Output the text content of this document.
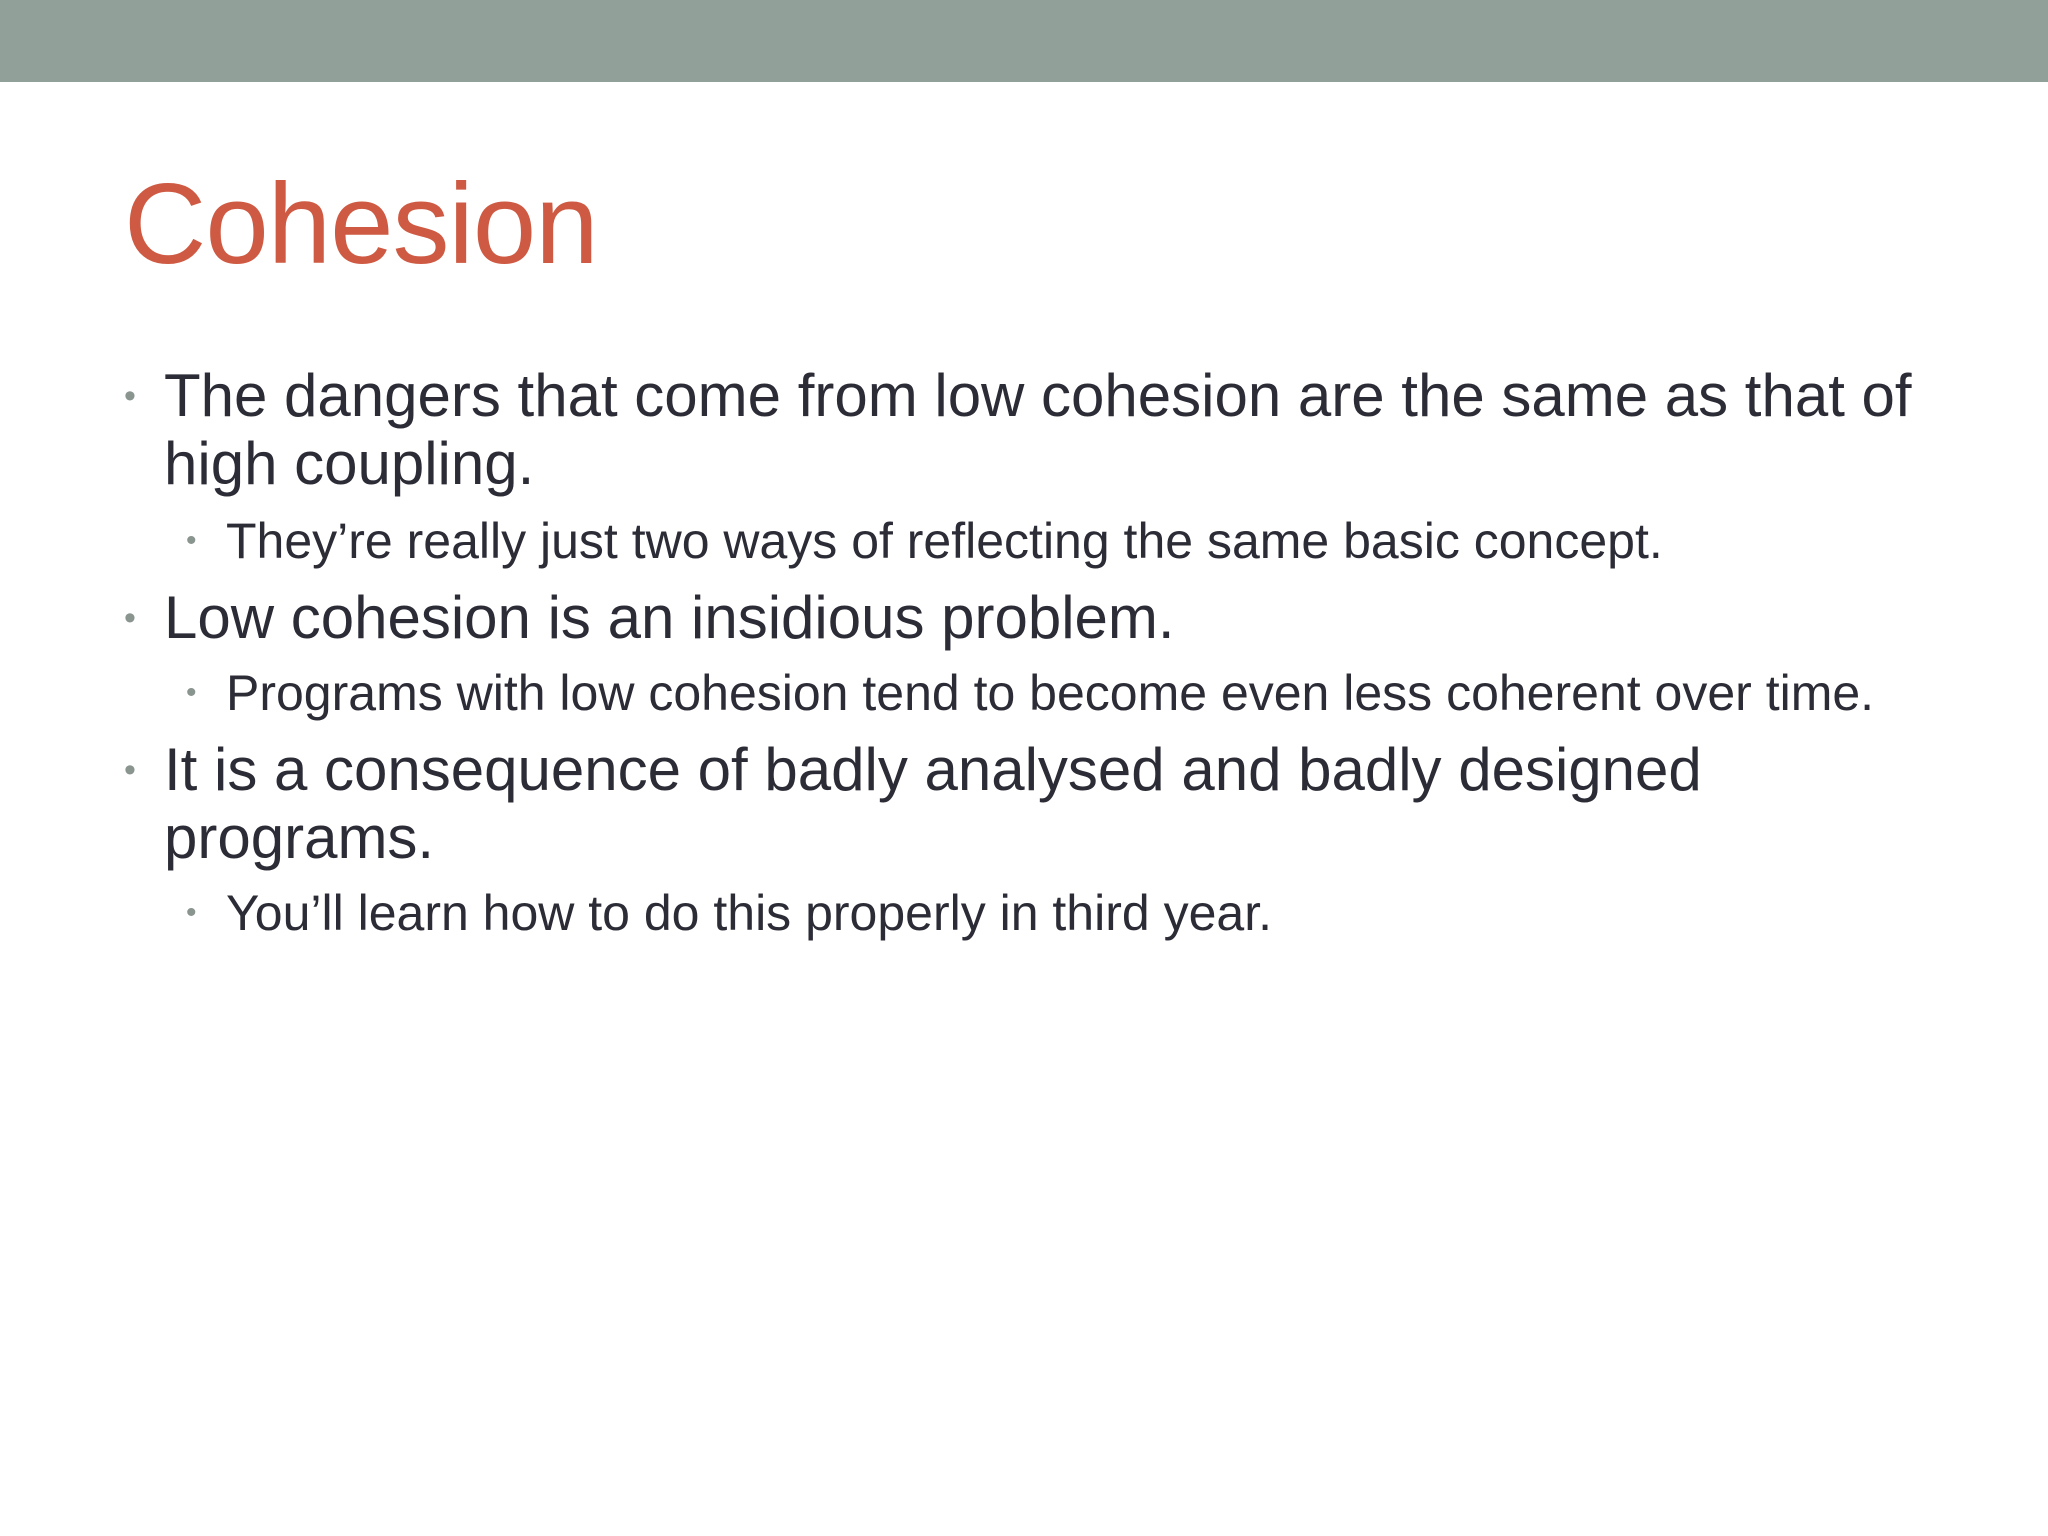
Cohesion
• The dangers that come from low cohesion are the same as that of high coupling.
• They’re really just two ways of reflecting the same basic concept.
• Low cohesion is an insidious problem.
• Programs with low cohesion tend to become even less coherent over time.
• It is a consequence of badly analysed and badly designed programs.
• You’ll learn how to do this properly in third year.
